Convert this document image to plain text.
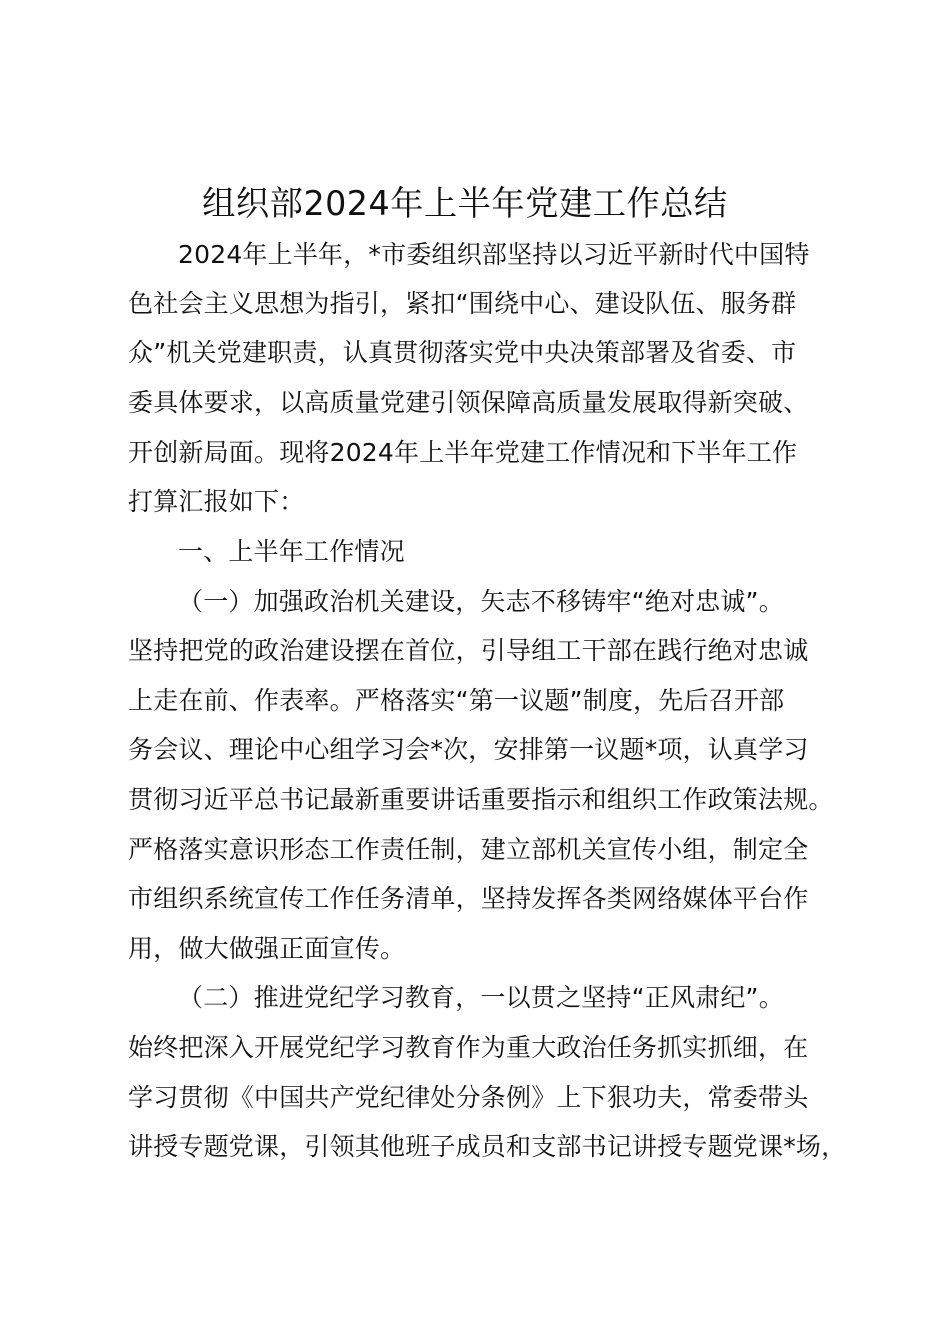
组织部2024年上半年党建工作总结
2024年上半年，*市委组织部坚持以习近平新时代中国特
色社会主义思想为指引，紧扣“围绕中心、建设队伍、服务群
众”机关党建职责，认真贯彻落实党中央决策部署及省委、市
委具体要求，以高质量党建引领保障高质量发展取得新突破、
开创新局面。现将2024年上半年党建工作情况和下半年工作
打算汇报如下：
一、上半年工作情况
（一）加强政治机关建设，矢志不移铸牢“绝对忠诚”。
坚持把党的政治建设摆在首位，引导组工干部在践行绝对忠诚
上走在前、作表率。严格落实“第一议题”制度，先后召开部
务会议、理论中心组学习会*次，安排第一议题*项，认真学习
贯彻习近平总书记最新重要讲话重要指示和组织工作政策法规。
严格落实意识形态工作责任制，建立部机关宣传小组，制定全
市组织系统宣传工作任务清单，坚持发挥各类网络媒体平台作
用，做大做强正面宣传。
（二）推进党纪学习教育，一以贯之坚持“正风肃纪”。
始终把深入开展党纪学习教育作为重大政治任务抓实抓细，在
学习贯彻《中国共产党纪律处分条例》上下狠功夫，常委带头
讲授专题党课，引领其他班子成员和支部书记讲授专题党课*场，
